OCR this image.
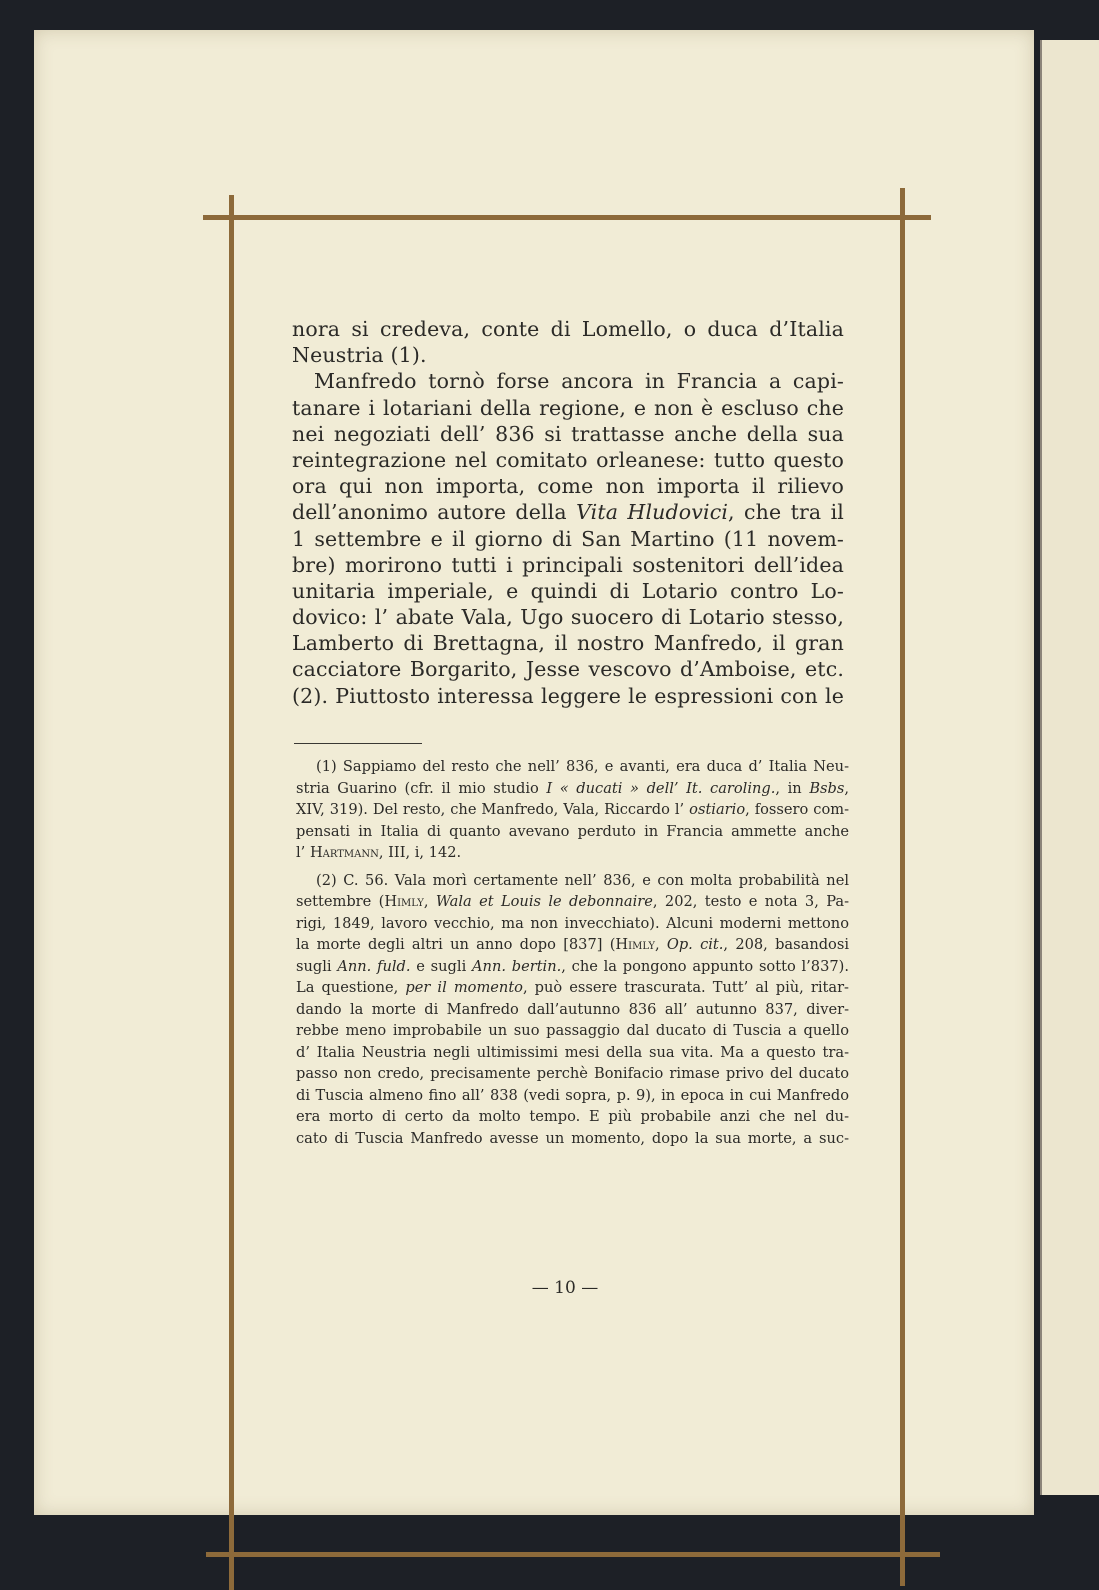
nora si credeva, conte di Lomello, o duca d’Italia
Neustria (1).
Manfredo tornò forse ancora in Francia a capi-
tanare i lotariani della regione, e non è escluso che
nei negoziati dell’ 836 si trattasse anche della sua
reintegrazione nel comitato orleanese: tutto questo
ora qui non importa, come non importa il rilievo
dell’anonimo autore della Vita Hludovici, che tra il
1 settembre e il giorno di San Martino (11 novem-
bre) morirono tutti i principali sostenitori dell’idea
unitaria imperiale, e quindi di Lotario contro Lo-
dovico: l’ abate Vala, Ugo suocero di Lotario stesso,
Lamberto di Brettagna, il nostro Manfredo, il gran
cacciatore Borgarito, Jesse vescovo d’Amboise, etc.
(2). Piuttosto interessa leggere le espressioni con le
(1) Sappiamo del resto che nell’ 836, e avanti, era duca d’ Italia Neu-
stria Guarino (cfr. il mio studio I « ducati » dell’ It. caroling., in Bsbs,
XIV, 319). Del resto, che Manfredo, Vala, Riccardo l’ ostiario, fossero com-
pensati in Italia di quanto avevano perduto in Francia ammette anche
l’ Hartmann, III, i, 142.
(2) C. 56. Vala morì certamente nell’ 836, e con molta probabilità nel
settembre (Himly, Wala et Louis le debonnaire, 202, testo e nota 3, Pa-
rigi, 1849, lavoro vecchio, ma non invecchiato). Alcuni moderni mettono
la morte degli altri un anno dopo [837] (Himly, Op. cit., 208, basandosi
sugli Ann. fuld. e sugli Ann. bertin., che la pongono appunto sotto l’837).
La questione, per il momento, può essere trascurata. Tutt’ al più, ritar-
dando la morte di Manfredo dall’autunno 836 all’ autunno 837, diver-
rebbe meno improbabile un suo passaggio dal ducato di Tuscia a quello
d’ Italia Neustria negli ultimissimi mesi della sua vita. Ma a questo tra-
passo non credo, precisamente perchè Bonifacio rimase privo del ducato
di Tuscia almeno fino all’ 838 (vedi sopra, p. 9), in epoca in cui Manfredo
era morto di certo da molto tempo. E più probabile anzi che nel du-
cato di Tuscia Manfredo avesse un momento, dopo la sua morte, a suc-
— 10 —
